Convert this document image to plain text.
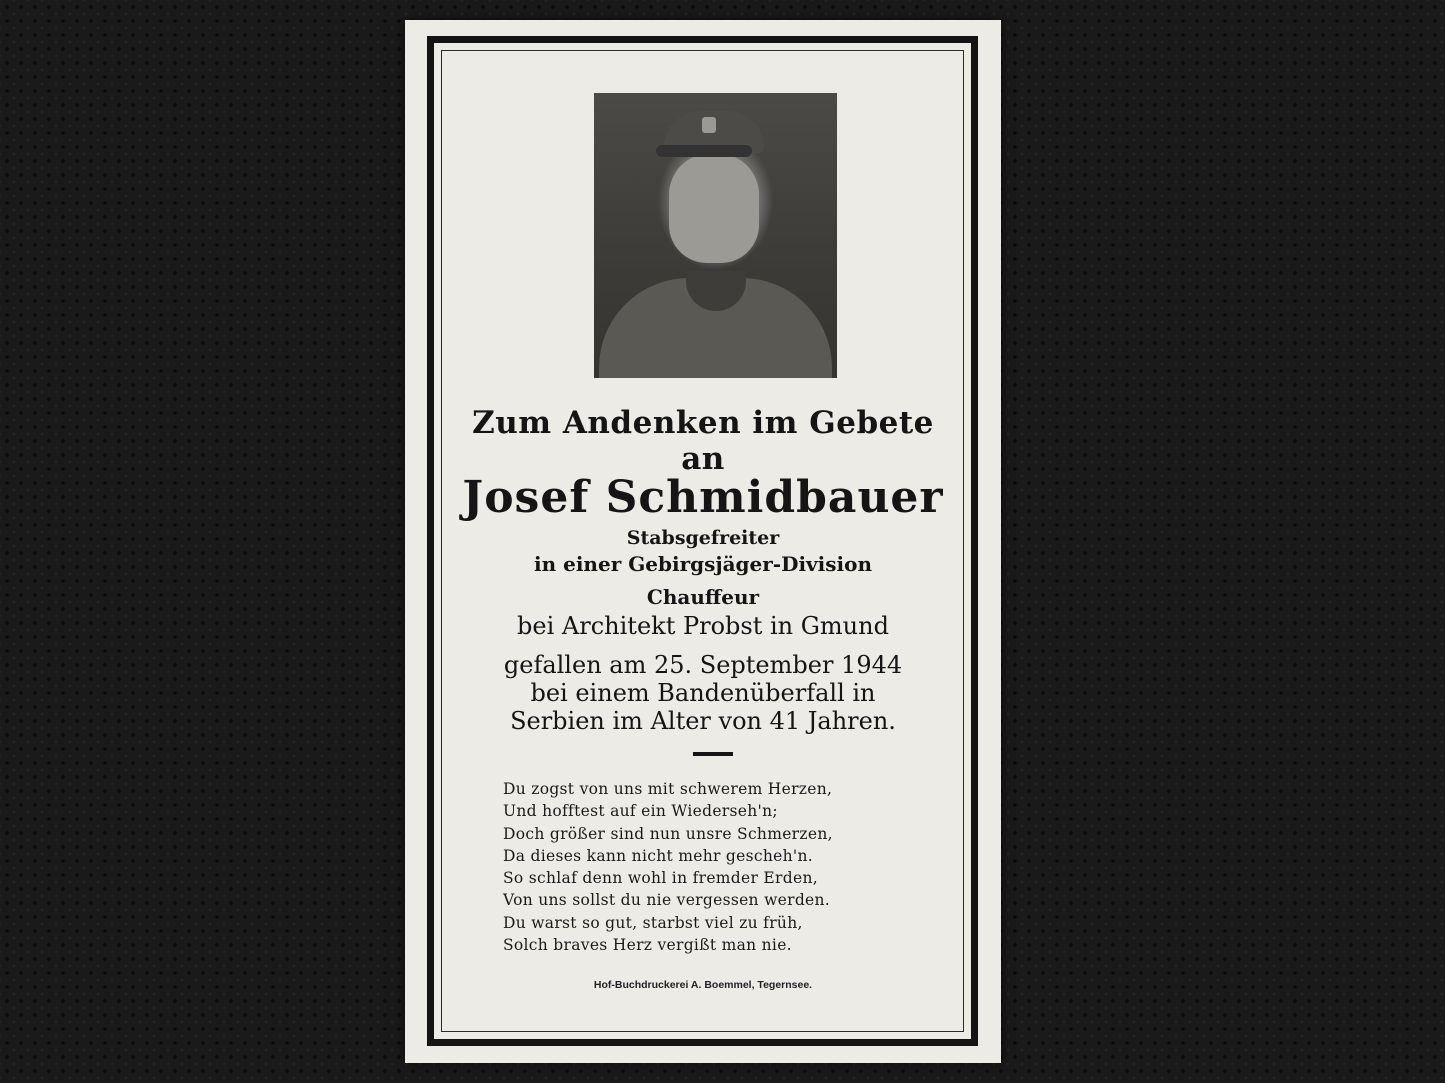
Zum Andenken im Gebete an

Josef Schmidbauer

Stabsgefreiter

in einer Gebirgsjäger-Division

Chauffeur

bei Architekt Probst in Gmund

gefallen am 25. September 1944

bei einem Bandenüberfall in

Serbien im Alter von 41 Jahren.

Du zogst von uns mit schwerem Herzen,
Und hofftest auf ein Wiederseh'n;
Doch größer sind nun unsre Schmerzen,
Da dieses kann nicht mehr gescheh'n.
So schlaf denn wohl in fremder Erden,
Von uns sollst du nie vergessen werden.
Du warst so gut, starbst viel zu früh,
Solch braves Herz vergißt man nie.

Hof-Buchdruckerei A. Boemmel, Tegernsee.
